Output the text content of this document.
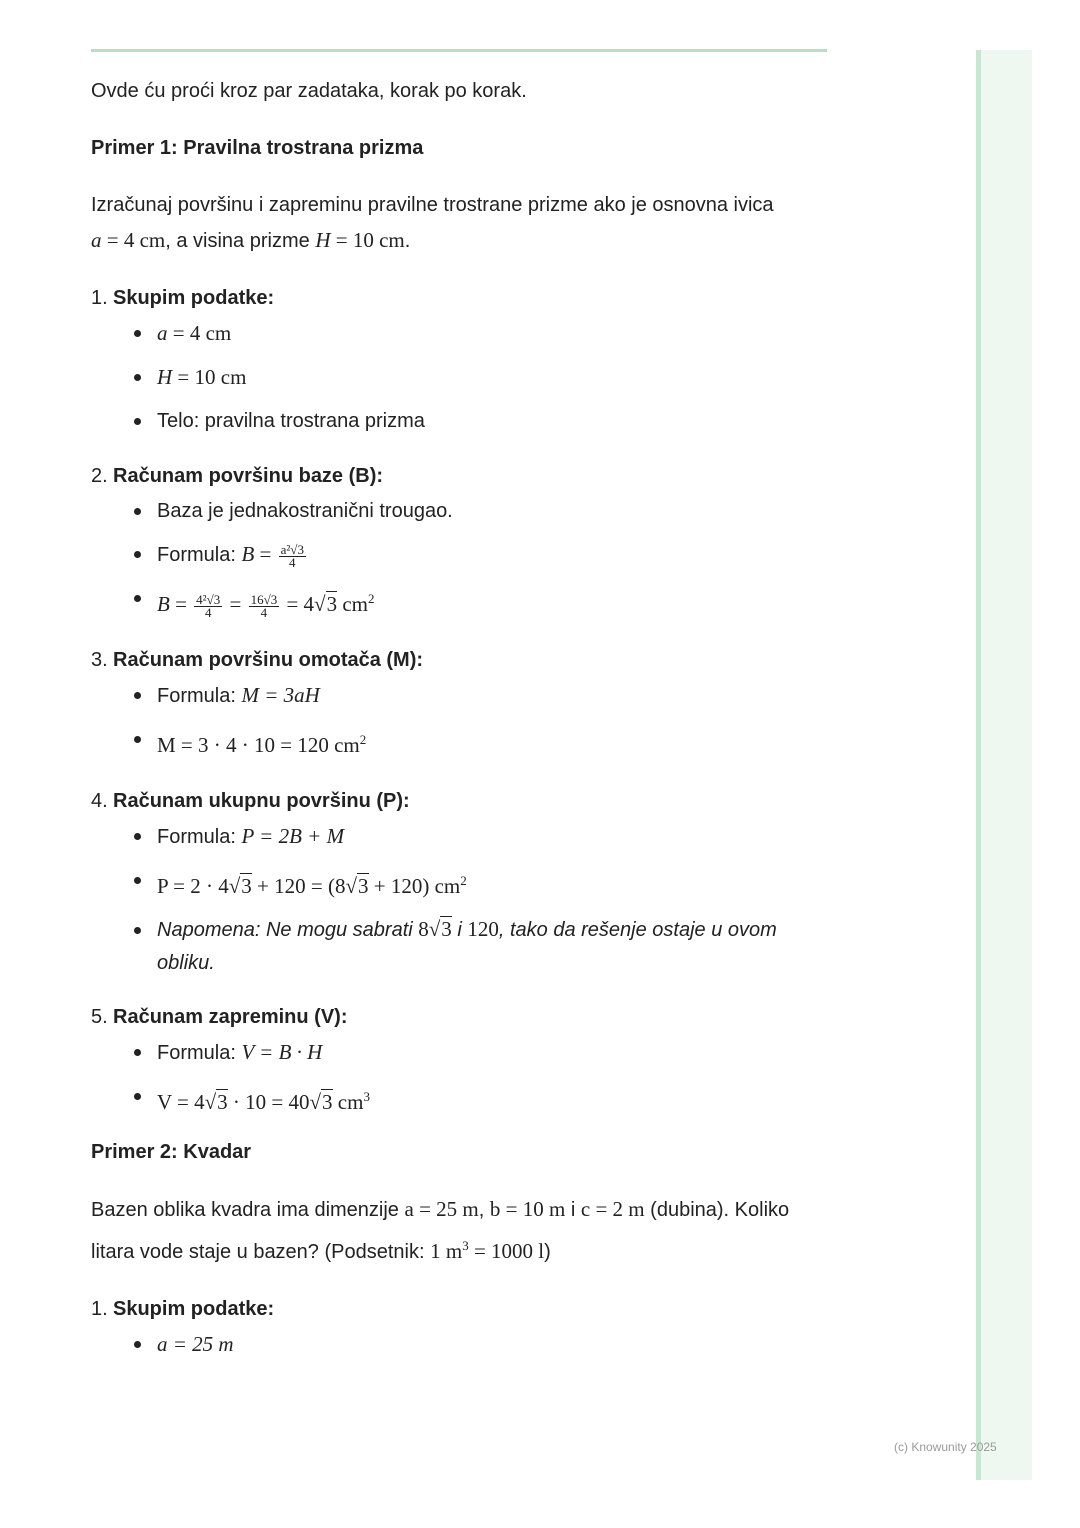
Ovde ću proći kroz par zadataka, korak po korak.

Primer 1: Pravilna trostrana prizma

Izračunaj površinu i zapreminu pravilne trostrane prizme ako je osnovna ivica
a = 4 cm, a visina prizme H = 10 cm.

1. Skupim podatke:

a = 4 cm
H = 10 cm
Telo: pravilna trostrana prizma

2. Računam površinu baze (B):

Baza je jednakostranični trougao.
Formula: $B = \frac{\text{a²√3}}{4}$
$B = \frac{\text{4²√3}}{4} = \frac{16√3}{4} = 4√3$ $cm^2$

3. Računam površinu omotača (M):

Formula: M = 3aH
M = 3 · 4 · 10 = 120 $cm^2$

4. Računam ukupnu površinu (P):

Formula: P = 2B + M
P = 2 · 4√3 + 120 = (8√3 + 120) $cm^2$
Napomena: Ne mogu sabrati 8√3 i 120, tako da rešenje ostaje u ovom obliku.

5. Računam zapreminu (V):

Formula: V = B · H
V = 4√3 · 10 = 40√3 $cm^3$

Primer 2: Kvadar

Bazen oblika kvadra ima dimenzije a = 25 m, b = 10 m i c = 2 m (dubina). Koliko litara vode staje u bazen? (Podsetnik: 1 $m^3 = 1000$ l)

1. Skupim podatke:

a = 25 m
(c) Knowunity 2025
